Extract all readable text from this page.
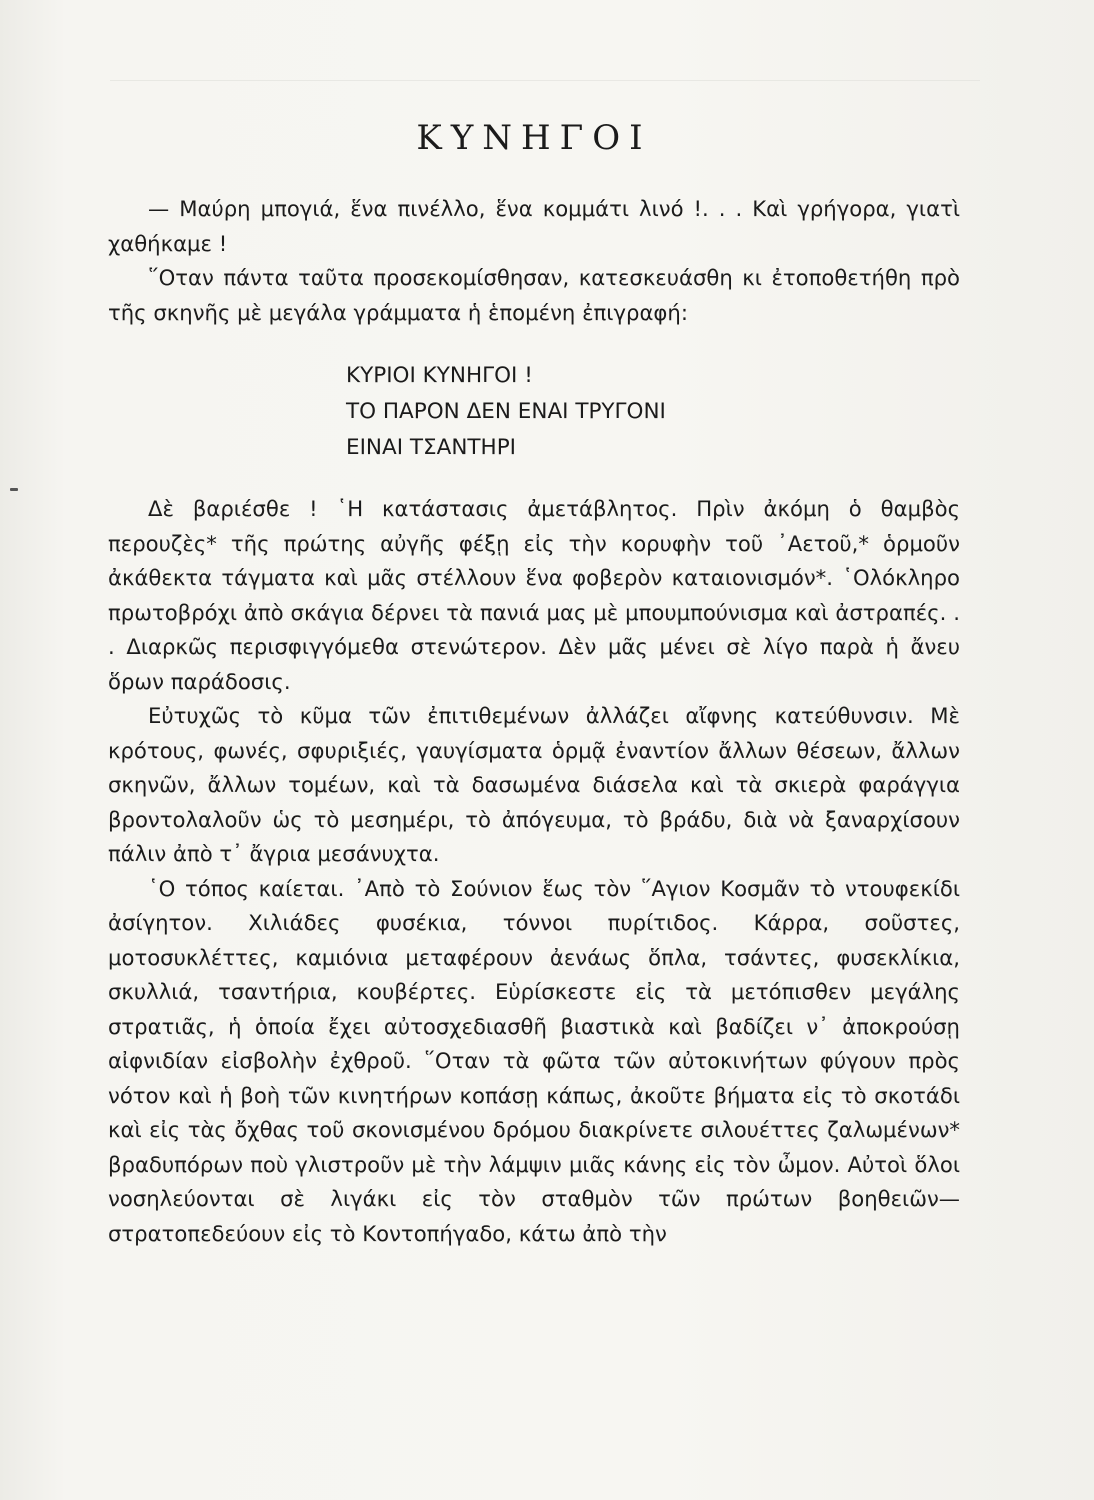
ΚΥΝΗΓΟΙ

— Μαύρη μπογιά, ἕνα πινέλλο, ἕνα κομμάτι λινό !. . . Καὶ γρήγορα, γιατὶ χαθήκαμε !

῞Οταν πάντα ταῦτα προσεκομίσθησαν, κατεσκευάσθη κι ἐτοποθετήθη πρὸ τῆς σκηνῆς μὲ μεγάλα γράμματα ἡ ἑπομένη ἐπιγραφή:

ΚΥΡΙΟΙ ΚΥΝΗΓΟΙ !
ΤΟ ΠΑΡΟΝ ΔΕΝ ΕΝΑΙ ΤΡΥΓΟΝΙ
ΕΙΝΑΙ ΤΣΑΝΤΗΡΙ

Δὲ βαριέσθε ! ῾Η κατάστασις ἀμετάβλητος. Πρὶν ἀκόμη ὁ θαμβὸς περουζὲς* τῆς πρώτης αὐγῆς φέξῃ εἰς τὴν κορυφὴν τοῦ ᾿Αετοῦ,* ὁρμοῦν ἀκάθεκτα τάγματα καὶ μᾶς στέλλουν ἕνα φοβερὸν καταιονισμόν*. ῾Ολόκληρο πρωτοβρόχι ἀπὸ σκάγια δέρνει τὰ πανιά μας μὲ μπουμπούνισμα καὶ ἀστραπές. . . Διαρκῶς περισφιγγόμεθα στενώτερον. Δὲν μᾶς μένει σὲ λίγο παρὰ ἡ ἄνευ ὅρων παράδοσις.

Εὐτυχῶς τὸ κῦμα τῶν ἐπιτιθεμένων ἀλλάζει αἴφνης κατεύθυνσιν. Μὲ κρότους, φωνές, σφυριξιές, γαυγίσματα ὁρμᾷ ἐναντίον ἄλλων θέσεων, ἄλλων σκηνῶν, ἄλλων τομέων, καὶ τὰ δασωμένα διάσελα καὶ τὰ σκιερὰ φαράγγια βροντολαλοῦν ὡς τὸ μεσημέρι, τὸ ἀπόγευμα, τὸ βράδυ, διὰ νὰ ξαναρχίσουν πάλιν ἀπὸ τ᾿ ἄγρια μεσάνυχτα.

῾Ο τόπος καίεται. ᾿Απὸ τὸ Σούνιον ἕως τὸν ῞Αγιον Κοσμᾶν τὸ ντουφεκίδι ἀσίγητον. Χιλιάδες φυσέκια, τόννοι πυρίτιδος. Κάρρα, σοῦστες, μοτοσυκλέττες, καμιόνια μεταφέρουν ἀενάως ὅπλα, τσάντες, φυσεκλίκια, σκυλλιά, τσαντήρια, κουβέρτες. Εὑρίσκεστε εἰς τὰ μετόπισθεν μεγάλης στρατιᾶς, ἡ ὁποία ἔχει αὐτοσχεδιασθῆ βιαστικὰ καὶ βαδίζει ν᾿ ἀποκρούσῃ αἰφνιδίαν εἰσβολὴν ἐχθροῦ. ῞Οταν τὰ φῶτα τῶν αὐτοκινήτων φύγουν πρὸς νότον καὶ ἡ βοὴ τῶν κινητήρων κοπάσῃ κάπως, ἀκοῦτε βήματα εἰς τὸ σκοτάδι καὶ εἰς τὰς ὄχθας τοῦ σκονισμένου δρόμου διακρίνετε σιλουέττες ζαλωμένων* βραδυπόρων ποὺ γλιστροῦν μὲ τὴν λάμψιν μιᾶς κάνης εἰς τὸν ὦμον. Αὐτοὶ ὅλοι νοσηλεύονται σὲ λιγάκι εἰς τὸν σταθμὸν τῶν πρώτων βοηθειῶν—στρατοπεδεύουν εἰς τὸ Κοντοπήγαδο, κάτω ἀπὸ τὴν
